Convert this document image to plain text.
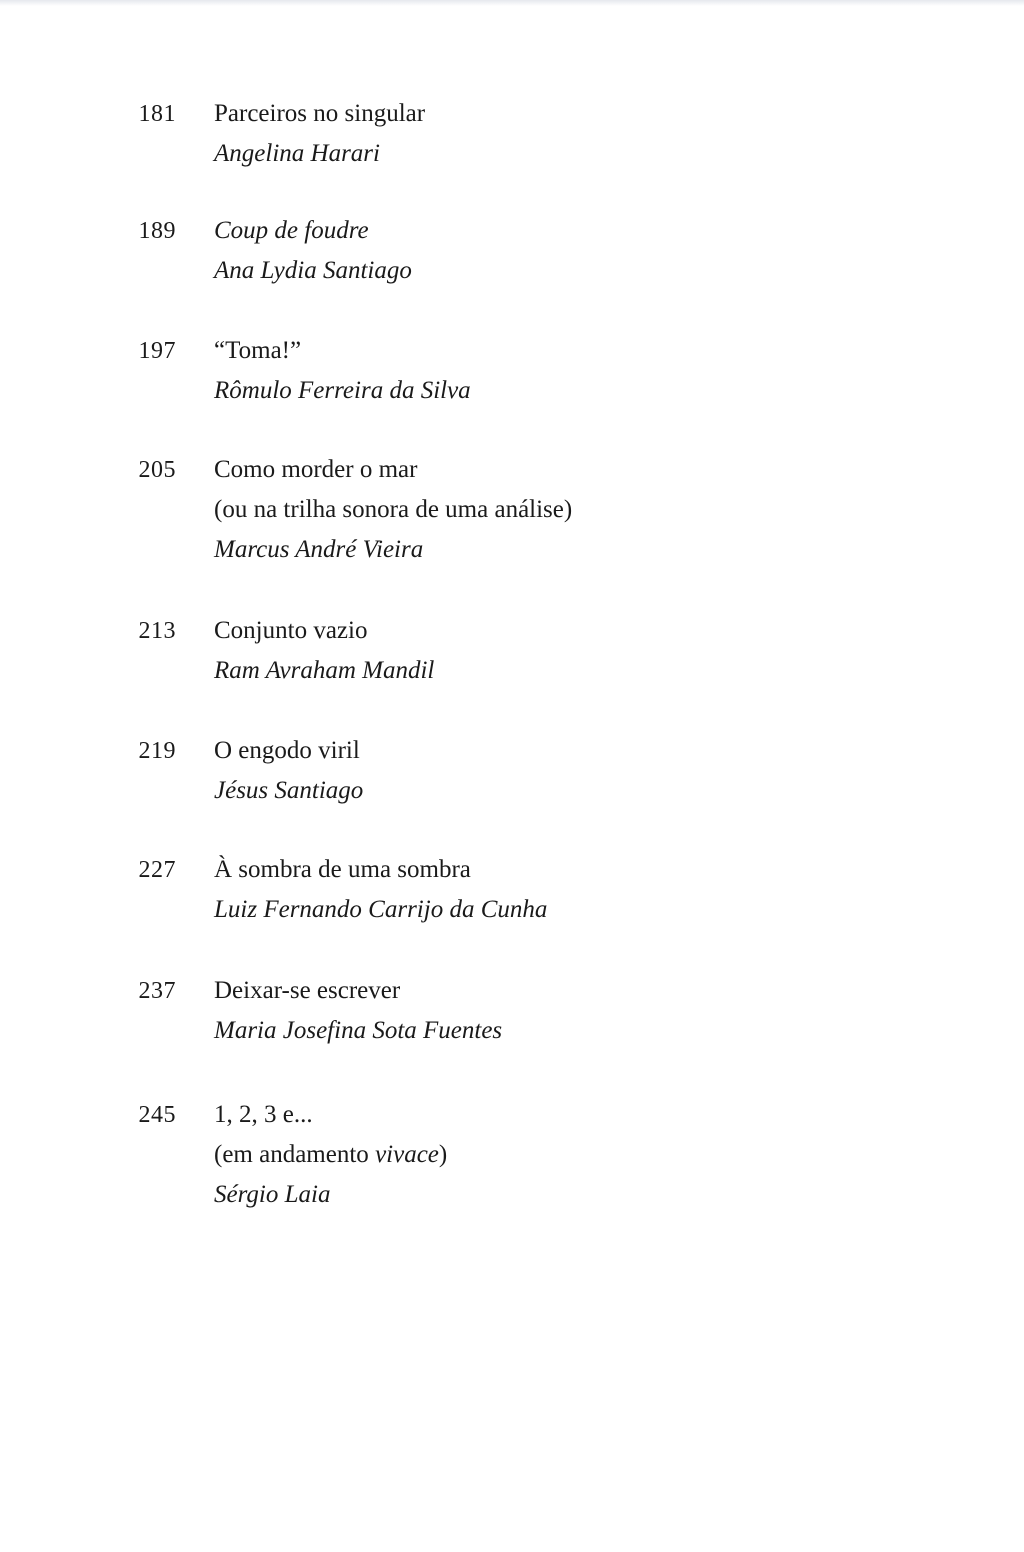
181 Parceiros no singular
Angelina Harari
189 Coup de foudre
Ana Lydia Santiago
197 “Toma!”
Rômulo Ferreira da Silva
205 Como morder o mar
(ou na trilha sonora de uma análise)
Marcus André Vieira
213 Conjunto vazio
Ram Avraham Mandil
219 O engodo viril
Jésus Santiago
227 À sombra de uma sombra
Luiz Fernando Carrijo da Cunha
237 Deixar-se escrever
Maria Josefina Sota Fuentes
245 1, 2, 3 e...
(em andamento vivace)
Sérgio Laia
